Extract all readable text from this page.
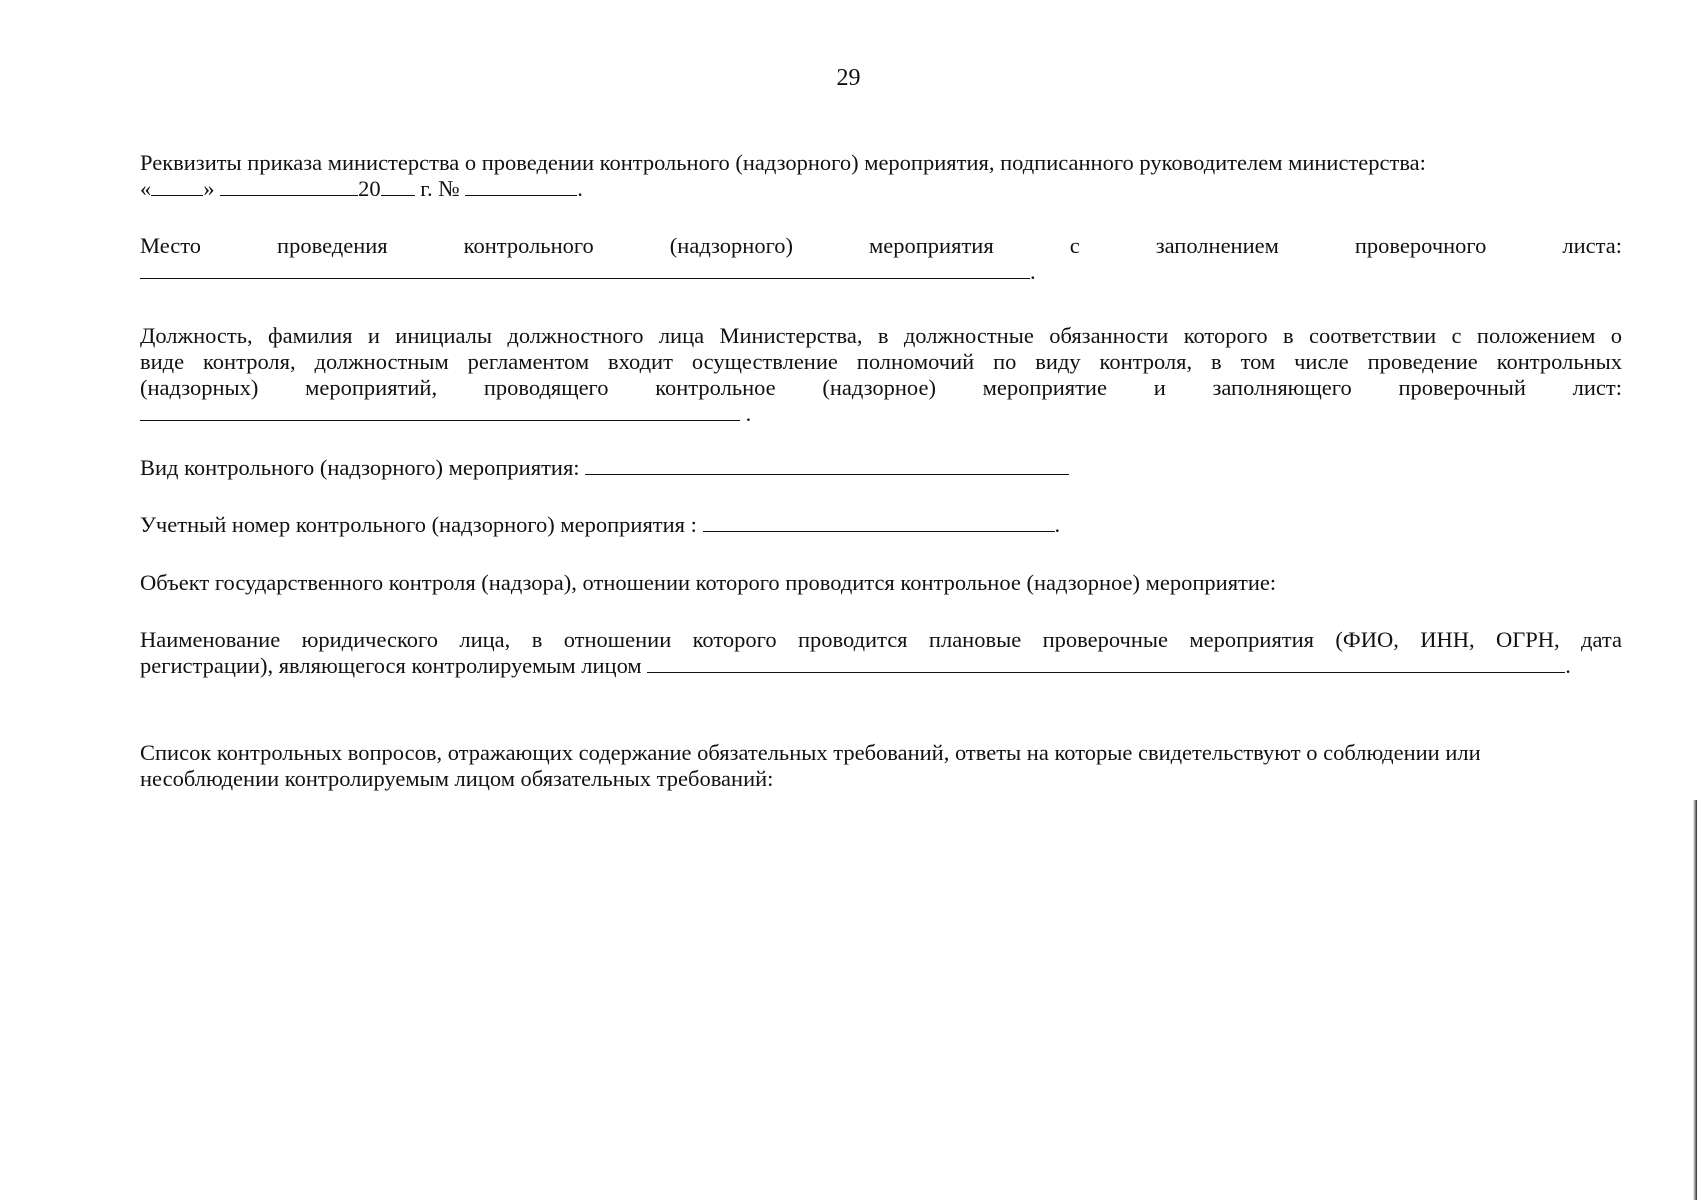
29
Реквизиты приказа министерства о проведении контрольного (надзорного) мероприятия, подписанного руководителем министерства:
« »	20 г. №	.
Место проведения контрольного (надзорного) мероприятия с заполнением проверочного листа:
.
Должность, фамилия и инициалы должностного лица Министерства, в должностные обязанности которого в соответствии с положением о
виде контроля, должностным регламентом входит осуществление полномочий по виду контроля, в том числе проведение контрольных
(надзорных) мероприятий, проводящего контрольное (надзорное) мероприятие и заполняющего проверочный лист:
.
Вид контрольного (надзорного) мероприятия:
Учетный номер контрольного (надзорного) мероприятия :	.
Объект государственного контроля (надзора), отношении которого проводится контрольное (надзорное) мероприятие:
Наименование юридического лица, в отношении которого проводится плановые проверочные мероприятия (ФИО, ИНН, ОГРН, дата
регистрации), являющегося контролируемым лицом	.
Список контрольных вопросов, отражающих содержание обязательных требований, ответы на которые свидетельствуют о соблюдении или
несоблюдении контролируемым лицом обязательных требований:
